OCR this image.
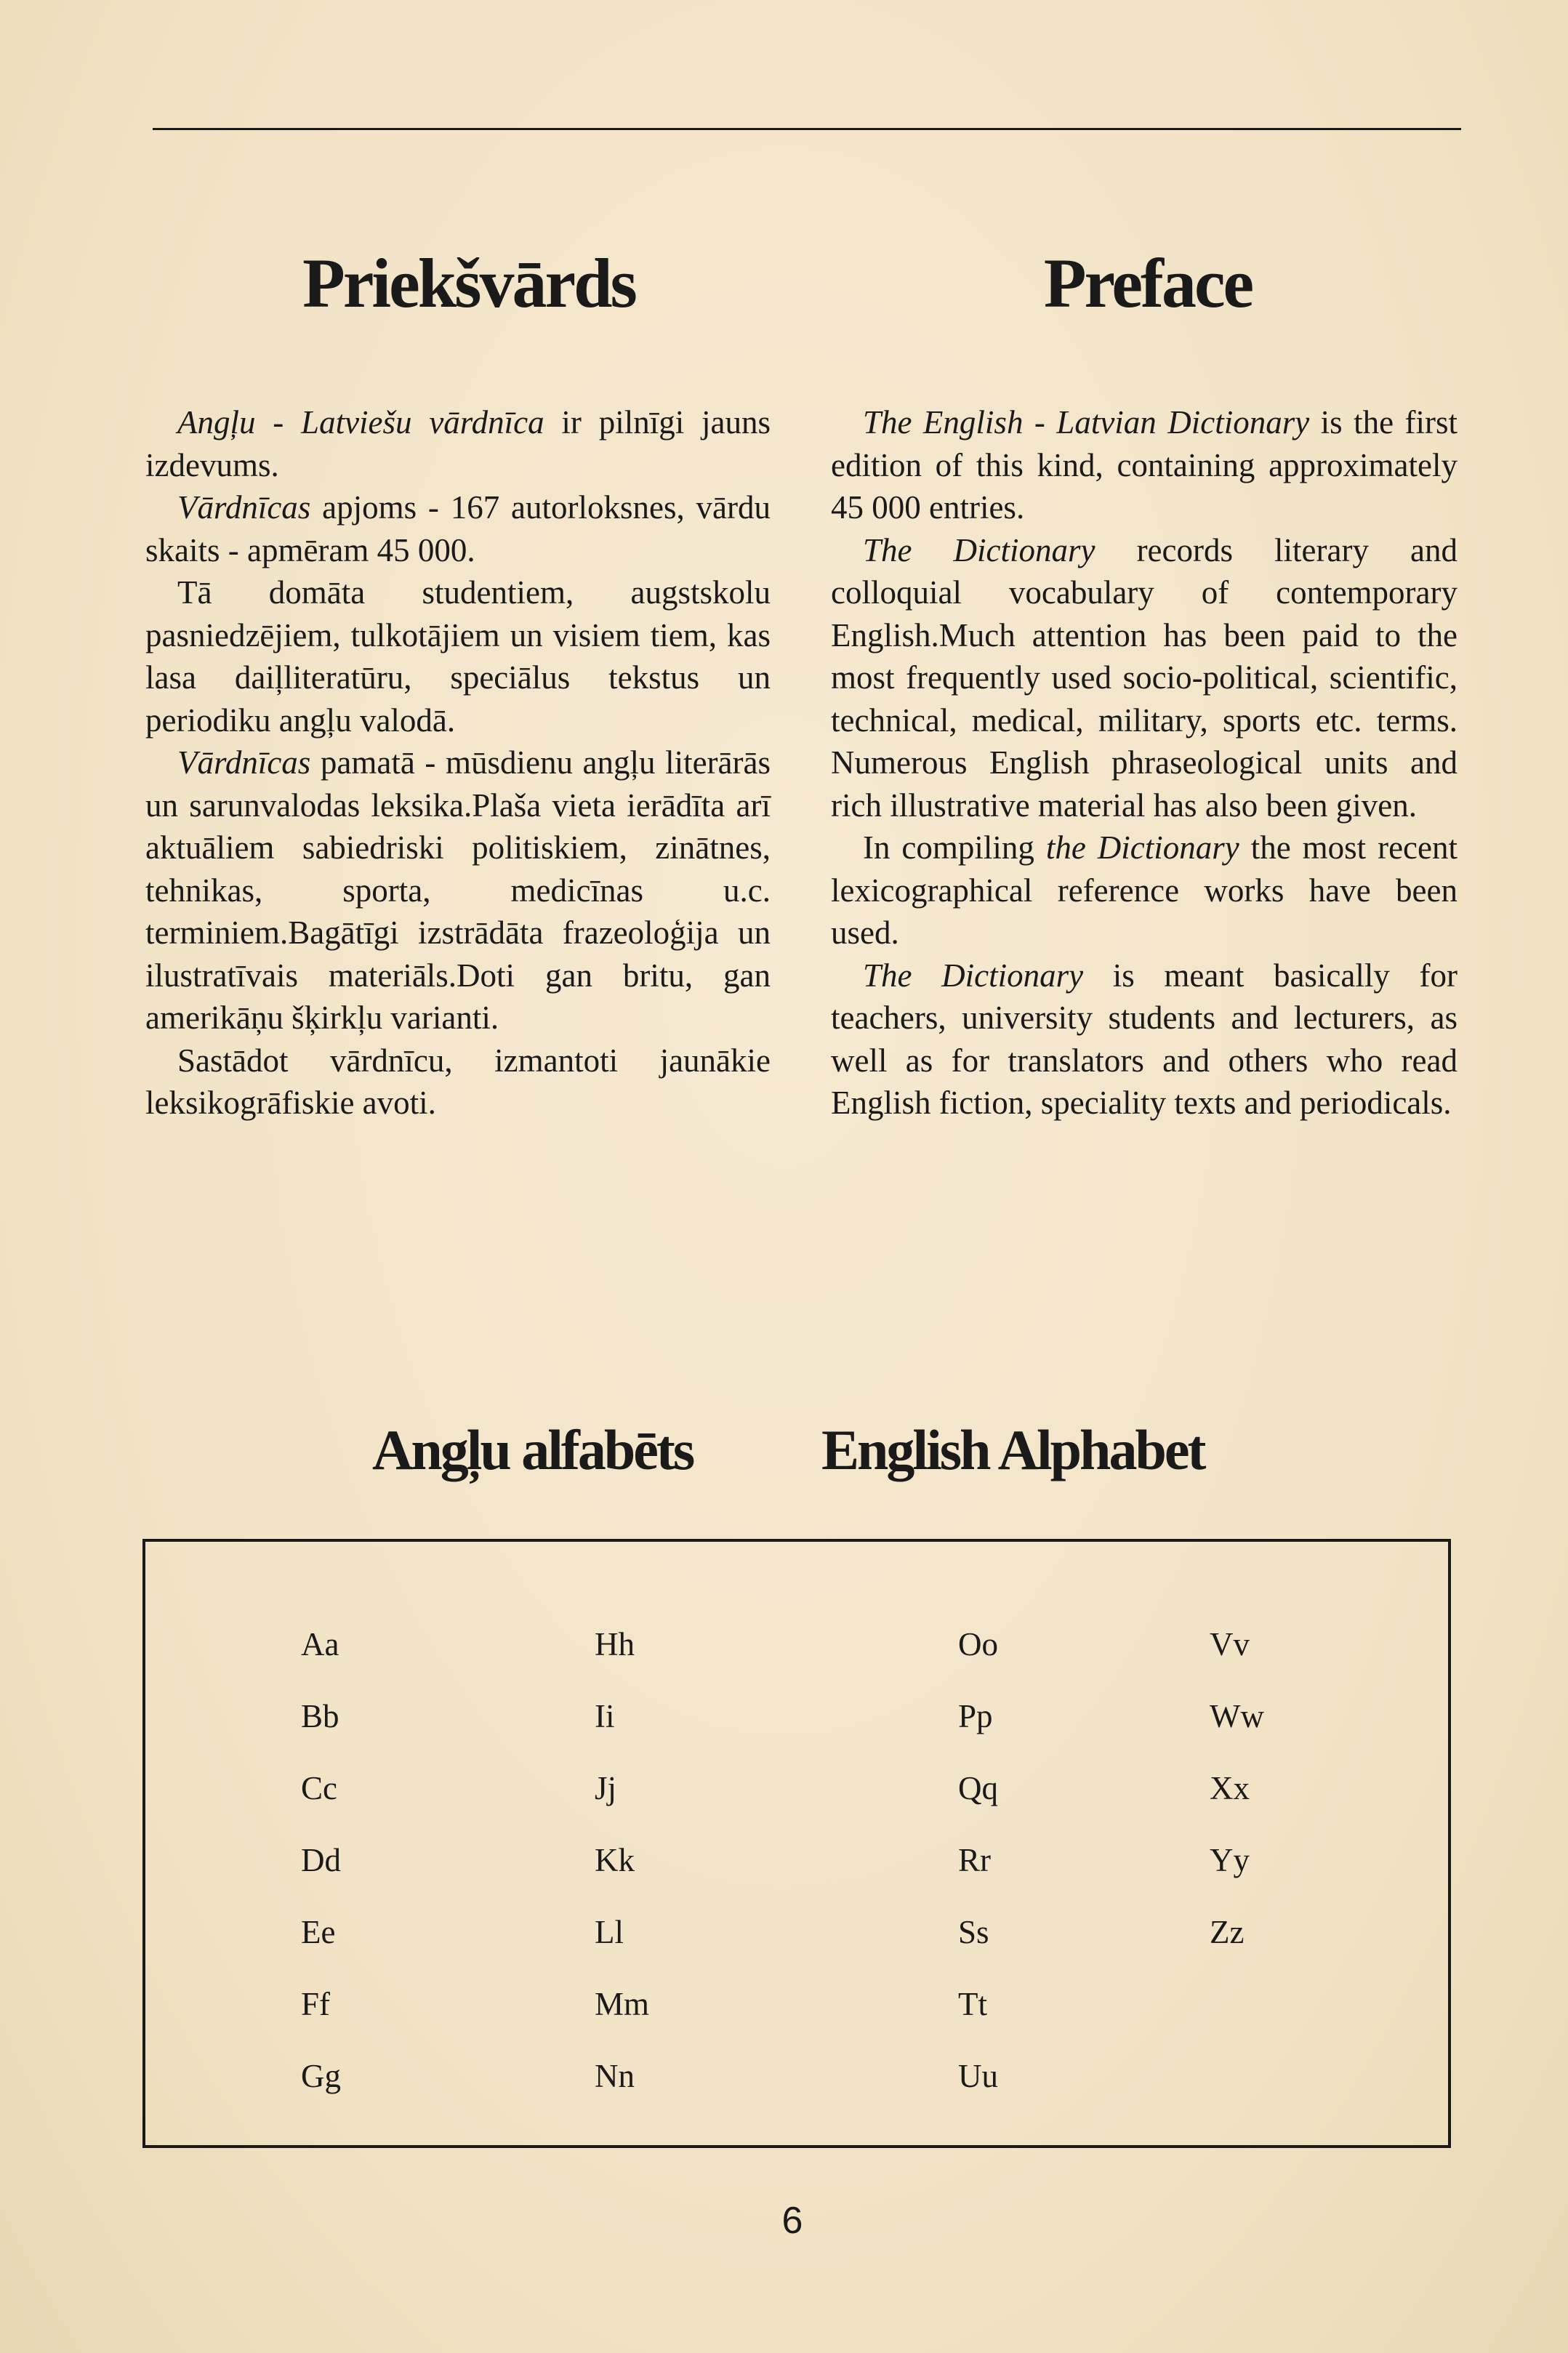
Priekšvārds

Angļu - Latviešu vārdnīca ir pilnīgi jauns izdevums.

Vārdnīcas apjoms - 167 autorloksnes, vārdu skaits - apmēram 45 000.

Tā domāta studentiem, augstskolu pasniedzējiem, tulkotājiem un visiem tiem, kas lasa daiļliteratūru, speciālus tekstus un periodiku angļu valodā.

Vārdnīcas pamatā - mūsdienu angļu literārās un sarunvalodas leksika.Plaša vieta ierādīta arī aktuāliem sabiedriski politiskiem, zinātnes, tehnikas, sporta, medicīnas u.c. terminiem.Bagātīgi izstrādāta frazeoloģija un ilustratīvais materiāls.Doti gan britu, gan amerikāņu šķirkļu varianti.

Sastādot vārdnīcu, izmantoti jaunākie leksikogrāfiskie avoti.

Preface

The English - Latvian Dictionary is the first edition of this kind, containing approximately 45 000 entries.

The Dictionary records literary and colloquial vocabulary of contemporary English.Much attention has been paid to the most frequently used socio-political, scientific, technical, medical, military, sports etc. terms. Numerous English phraseological units and rich illustrative material has also been given.

In compiling the Dictionary the most recent lexicographical reference works have been used.

The Dictionary is meant basically for teachers, university students and lecturers, as well as for translators and others who read English fiction, speciality texts and periodicals.

Angļu alfabēts English Alphabet
Aa
Bb
Cc
Dd
Ee
Ff
Gg
Hh
Ii
Jj
Kk
Ll
Mm
Nn
Oo
Pp
Qq
Rr
Ss
Tt
Uu
Vv
Ww
Xx
Yy
Zz
6
